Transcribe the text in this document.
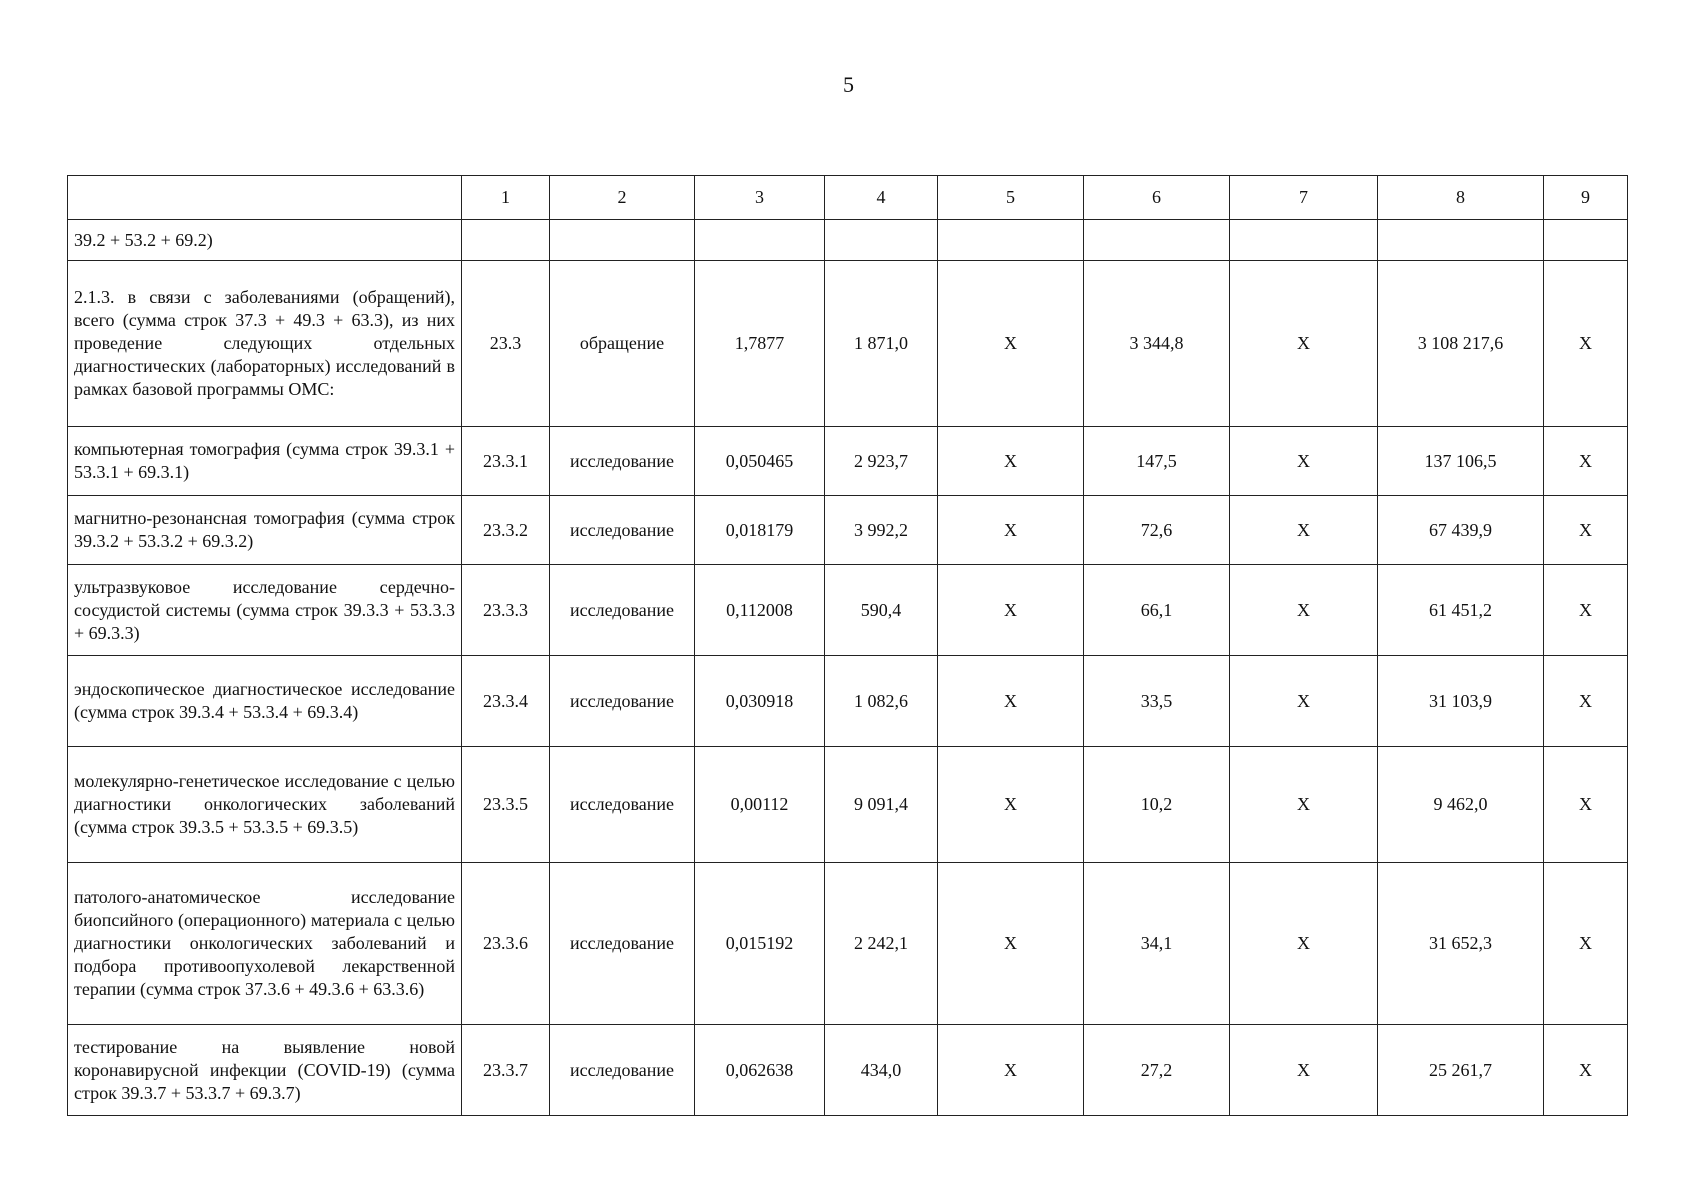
5
	1	2	3	4	5	6	7	8	9
39.2 + 53.2 + 69.2)									
2.1.3. в связи с заболеваниями (обращений), всего (сумма строк 37.3 + 49.3 + 63.3), из них проведение следующих отдельных диагностических (лабораторных) исследований в рамках базовой программы ОМС:	23.3	обращение	1,7877	1 871,0	X	3 344,8	X	3 108 217,6	X
компьютерная томография (сумма строк 39.3.1 + 53.3.1 + 69.3.1)	23.3.1	исследование	0,050465	2 923,7	X	147,5	X	137 106,5	X
магнитно-резонансная томография (сумма строк 39.3.2 + 53.3.2 + 69.3.2)	23.3.2	исследование	0,018179	3 992,2	X	72,6	X	67 439,9	X
ультразвуковое исследование сердечно-сосудистой системы (сумма строк 39.3.3 + 53.3.3 + 69.3.3)	23.3.3	исследование	0,112008	590,4	X	66,1	X	61 451,2	X
эндоскопическое диагностическое исследование (сумма строк 39.3.4 + 53.3.4 + 69.3.4)	23.3.4	исследование	0,030918	1 082,6	X	33,5	X	31 103,9	X
молекулярно-генетическое исследование с целью диагностики онкологических заболеваний (сумма строк 39.3.5 + 53.3.5 + 69.3.5)	23.3.5	исследование	0,00112	9 091,4	X	10,2	X	9 462,0	X
патолого-анатомическое исследование биопсийного (операционного) материала с целью диагностики онкологических заболеваний и подбора противоопухолевой лекарственной терапии (сумма строк 37.3.6 + 49.3.6 + 63.3.6)	23.3.6	исследование	0,015192	2 242,1	X	34,1	X	31 652,3	X
тестирование на выявление новой коронавирусной инфекции (COVID-19) (сумма строк 39.3.7 + 53.3.7 + 69.3.7)	23.3.7	исследование	0,062638	434,0	X	27,2	X	25 261,7	X
